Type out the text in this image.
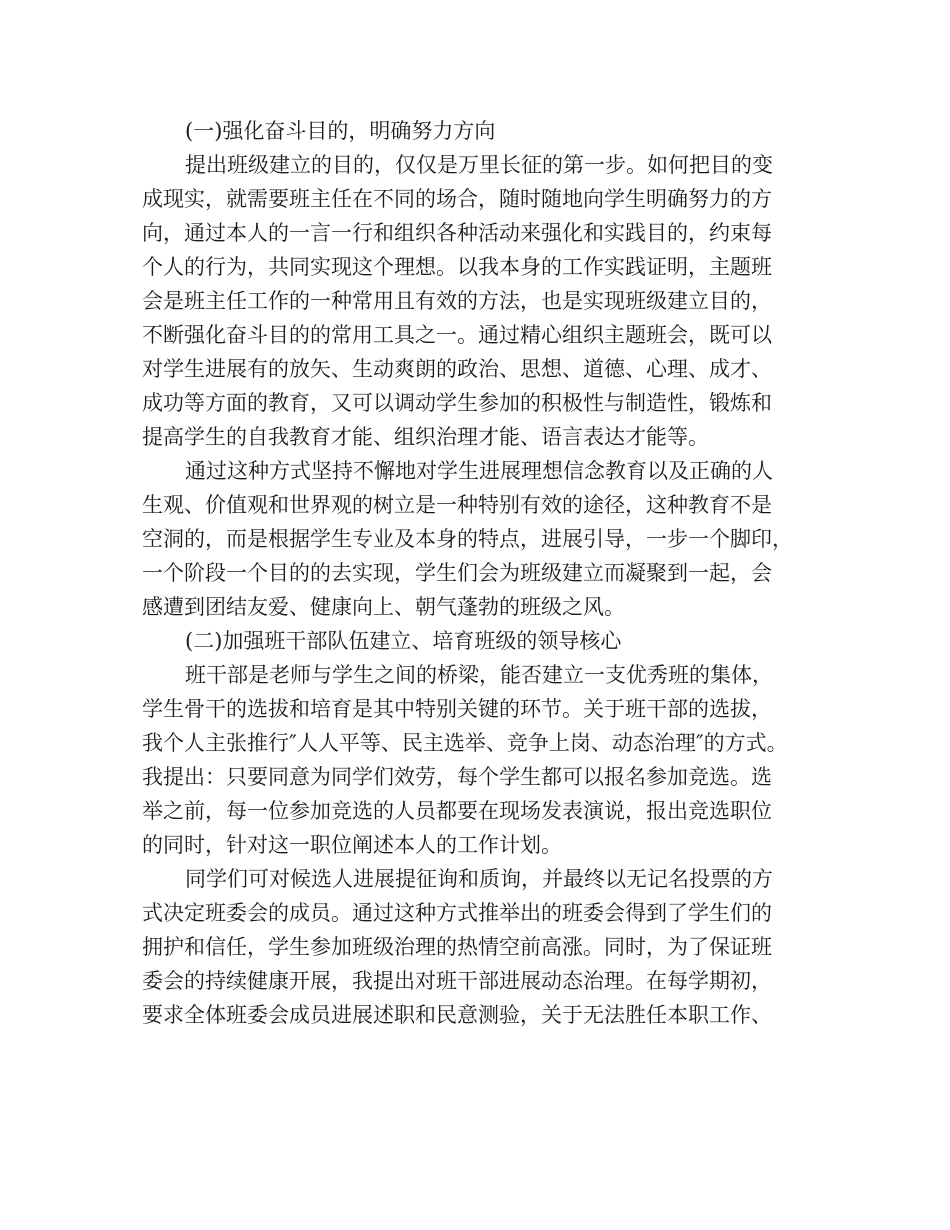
(一)强化奋斗目的，明确努力方向
提出班级建立的目的，仅仅是万里长征的第一步。如何把目的变
成现实，就需要班主任在不同的场合，随时随地向学生明确努力的方
向，通过本人的一言一行和组织各种活动来强化和实践目的，约束每
个人的行为，共同实现这个理想。以我本身的工作实践证明，主题班
会是班主任工作的一种常用且有效的方法，也是实现班级建立目的，
不断强化奋斗目的的常用工具之一。通过精心组织主题班会，既可以
对学生进展有的放矢、生动爽朗的政治、思想、道德、心理、成才、
成功等方面的教育，又可以调动学生参加的积极性与制造性，锻炼和
提高学生的自我教育才能、组织治理才能、语言表达才能等。
通过这种方式坚持不懈地对学生进展理想信念教育以及正确的人
生观、价值观和世界观的树立是一种特别有效的途径，这种教育不是
空洞的，而是根据学生专业及本身的特点，进展引导，一步一个脚印，
一个阶段一个目的的去实现，学生们会为班级建立而凝聚到一起，会
感遭到团结友爱、健康向上、朝气蓬勃的班级之风。
(二)加强班干部队伍建立、培育班级的领导核心
班干部是老师与学生之间的桥梁，能否建立一支优秀班的集体，
学生骨干的选拔和培育是其中特别关键的环节。关于班干部的选拔，
我个人主张推行″人人平等、民主选举、竞争上岗、动态治理″的方式。
我提出：只要同意为同学们效劳，每个学生都可以报名参加竞选。选
举之前，每一位参加竞选的人员都要在现场发表演说，报出竞选职位
的同时，针对这一职位阐述本人的工作计划。
同学们可对候选人进展提征询和质询，并最终以无记名投票的方
式决定班委会的成员。通过这种方式推举出的班委会得到了学生们的
拥护和信任，学生参加班级治理的热情空前高涨。同时，为了保证班
委会的持续健康开展，我提出对班干部进展动态治理。在每学期初，
要求全体班委会成员进展述职和民意测验，关于无法胜任本职工作、
